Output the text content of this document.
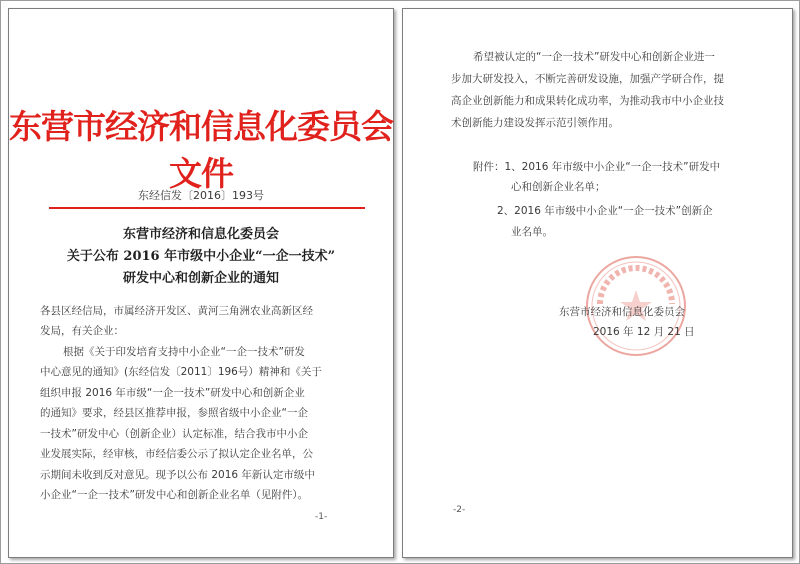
东营市经济和信息化委员会文件
东经信发〔2016〕193号
东营市经济和信息化委员会
关于公布 2016 年市级中小企业“一企一技术”
研发中心和创新企业的通知
各县区经信局，市属经济开发区、黄河三角洲农业高新区经
发局，有关企业：
根据《关于印发培育支持中小企业“一企一技术”研发
中心意见的通知》(东经信发〔2011〕196号）精神和《关于
组织申报 2016 年市级“一企一技术”研发中心和创新企业
的通知》要求，经县区推荐申报，参照省级中小企业“一企
一技术”研发中心（创新企业）认定标准，结合我市中小企
业发展实际，经审核，市经信委公示了拟认定企业名单，公
示期间未收到反对意见。现予以公布 2016 年新认定市级中
小企业“一企一技术”研发中心和创新企业名单（见附件）。
-1-
希望被认定的“一企一技术”研发中心和创新企业进一
步加大研发投入，不断完善研发设施，加强产学研合作，提
高企业创新能力和成果转化成功率，为推动我市中小企业技
术创新能力建设发挥示范引领作用。
附件：1、2016 年市级中小企业“一企一技术”研发中
心和创新企业名单；
2、2016 年市级中小企业“一企一技术”创新企
业名单。
东营市经济和信息化委员会
2016 年 12 月 21 日
-2-
